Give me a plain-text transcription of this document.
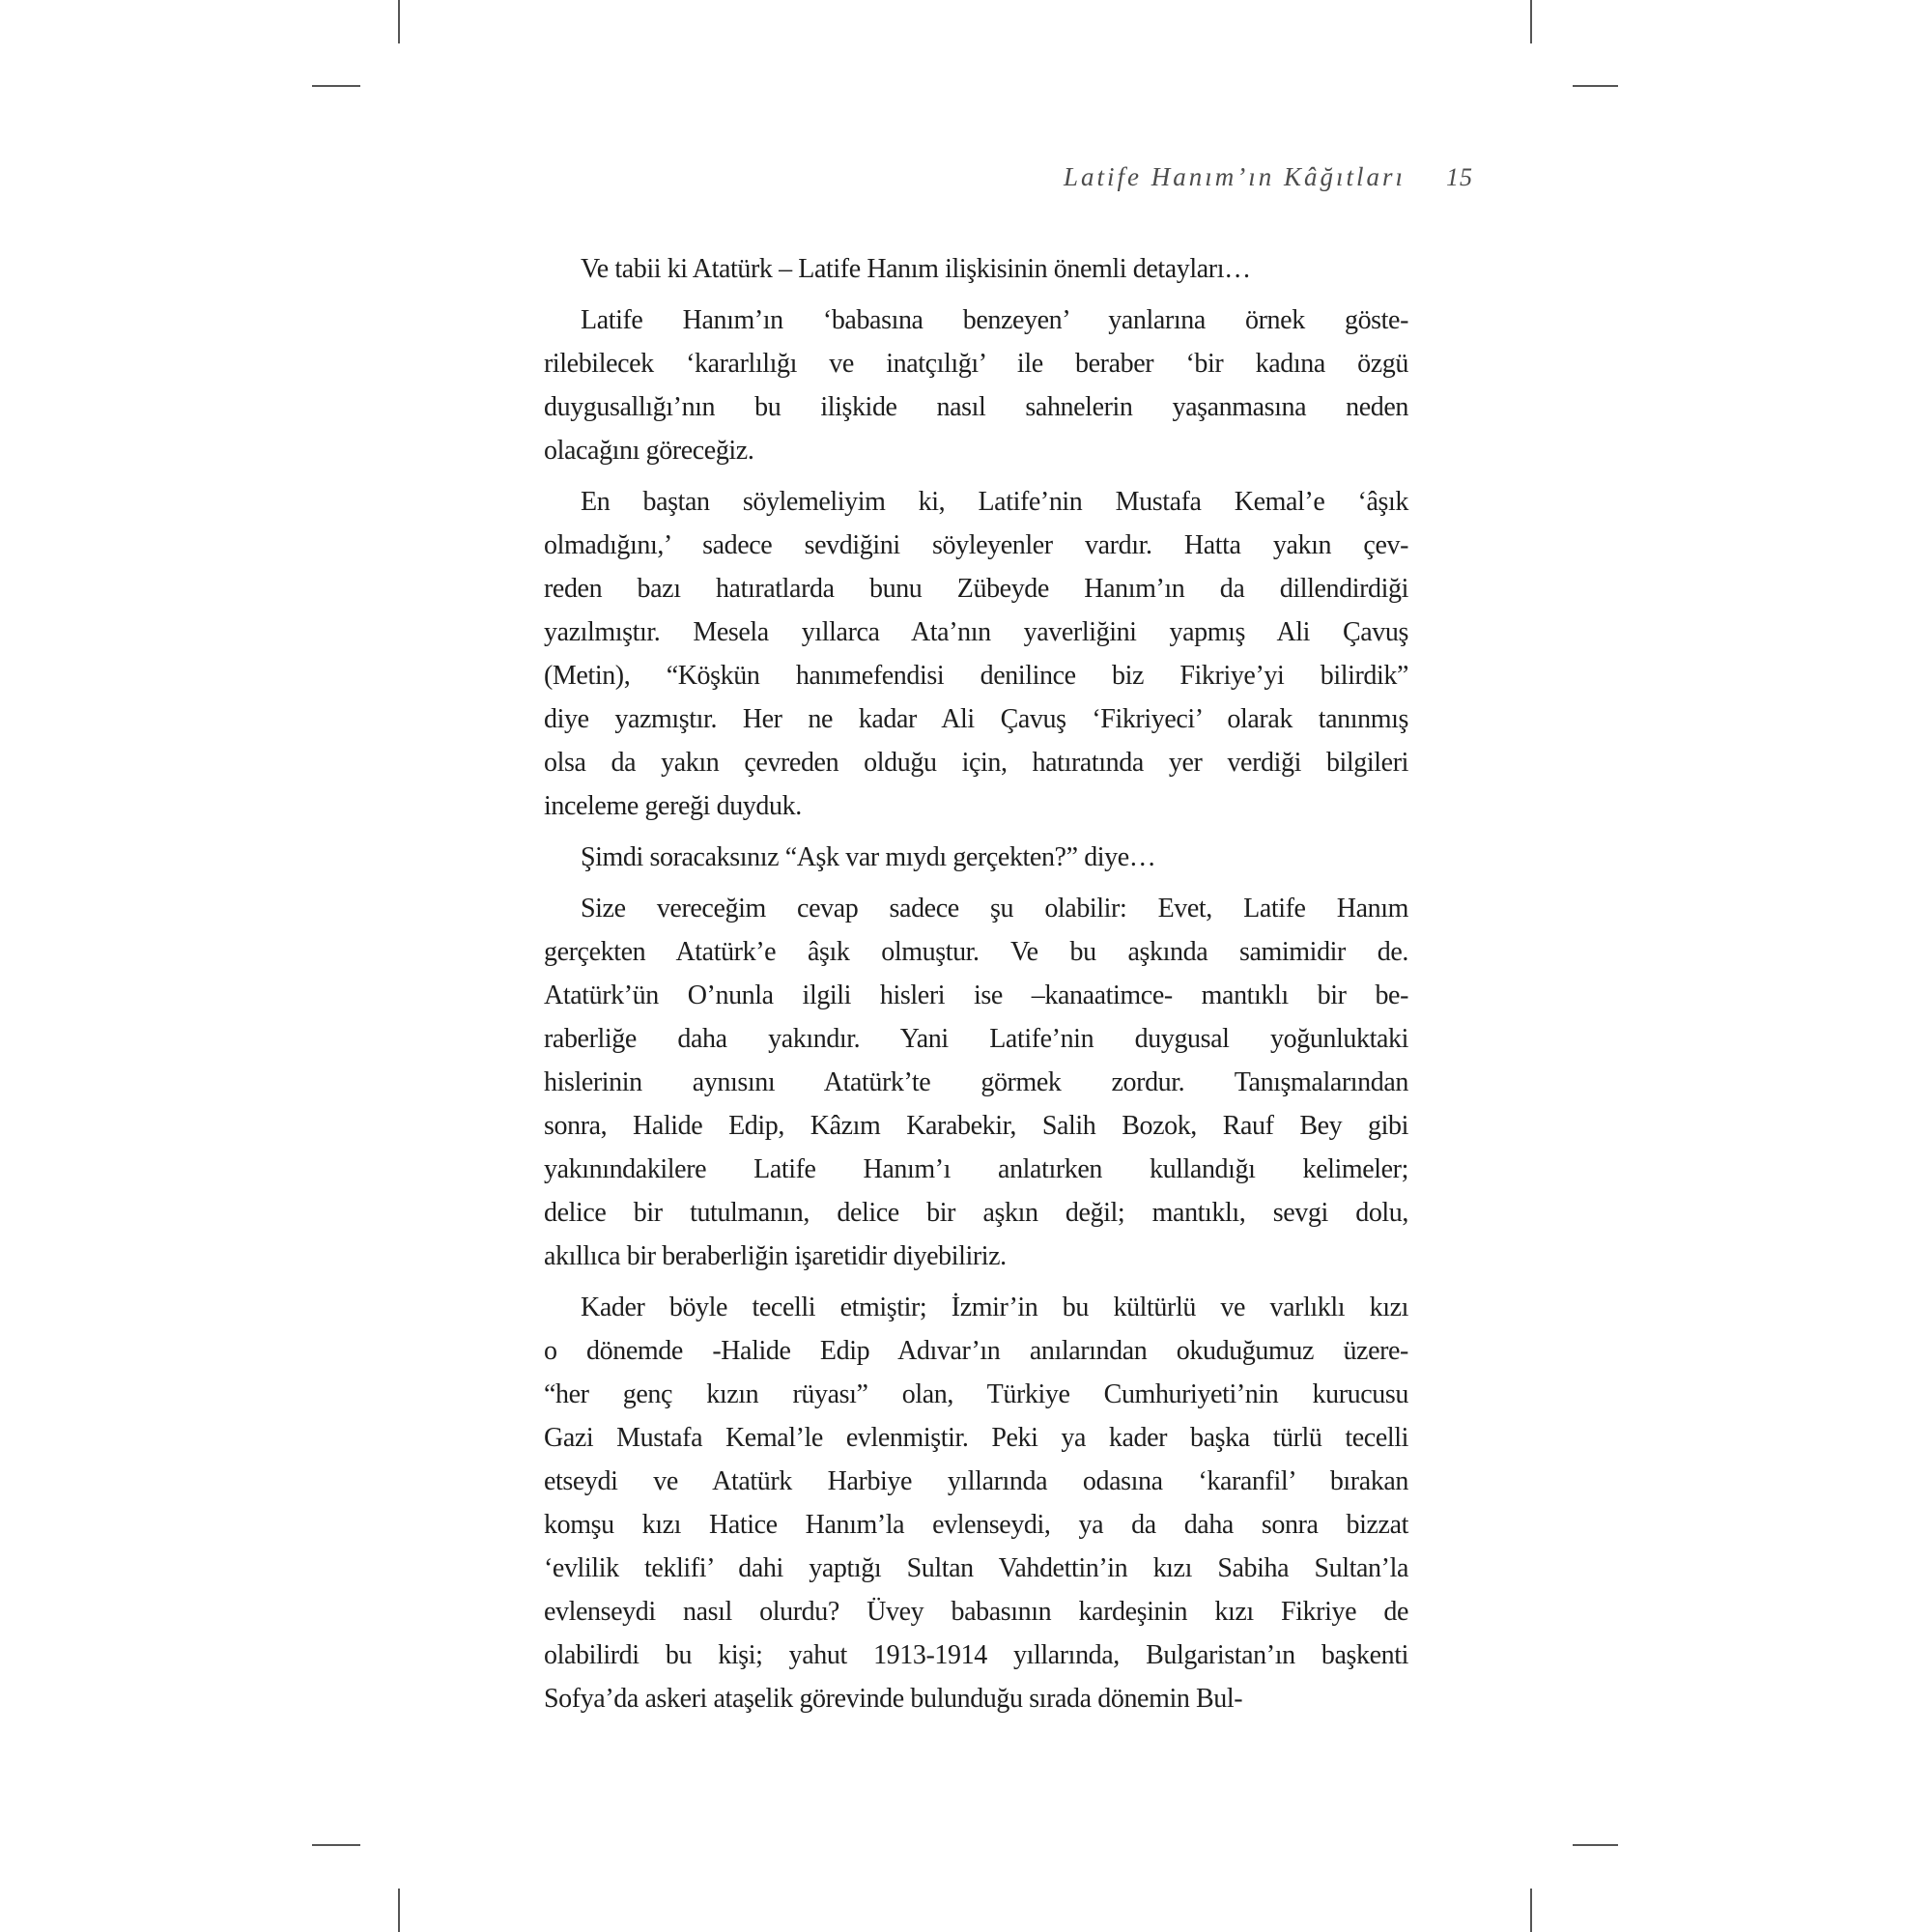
Latife Hanım’ın Kâğıtları 15
Ve tabii ki Atatürk – Latife Hanım ilişkisinin önemli detayları…
Latife Hanım’ın ‘babasına benzeyen’ yanlarına örnek göste-
rilebilecek ‘kararlılığı ve inatçılığı’ ile beraber ‘bir kadına özgü
duygusallığı’nın bu ilişkide nasıl sahnelerin yaşanmasına neden
olacağını göreceğiz.
En baştan söylemeliyim ki, Latife’nin Mustafa Kemal’e ‘âşık
olmadığını,’ sadece sevdiğini söyleyenler vardır. Hatta yakın çev-
reden bazı hatıratlarda bunu Zübeyde Hanım’ın da dillendirdiği
yazılmıştır. Mesela yıllarca Ata’nın yaverliğini yapmış Ali Çavuş
(Metin), “Köşkün hanımefendisi denilince biz Fikriye’yi bilirdik”
diye yazmıştır. Her ne kadar Ali Çavuş ‘Fikriyeci’ olarak tanınmış
olsa da yakın çevreden olduğu için, hatıratında yer verdiği bilgileri
inceleme gereği duyduk.
Şimdi soracaksınız “Aşk var mıydı gerçekten?” diye…
Size vereceğim cevap sadece şu olabilir: Evet, Latife Hanım
gerçekten Atatürk’e âşık olmuştur. Ve bu aşkında samimidir de.
Atatürk’ün O’nunla ilgili hisleri ise –kanaatimce- mantıklı bir be-
raberliğe daha yakındır. Yani Latife’nin duygusal yoğunluktaki
hislerinin aynısını Atatürk’te görmek zordur. Tanışmalarından
sonra, Halide Edip, Kâzım Karabekir, Salih Bozok, Rauf Bey gibi
yakınındakilere Latife Hanım’ı anlatırken kullandığı kelimeler;
delice bir tutulmanın, delice bir aşkın değil; mantıklı, sevgi dolu,
akıllıca bir beraberliğin işaretidir diyebiliriz.
Kader böyle tecelli etmiştir; İzmir’in bu kültürlü ve varlıklı kızı
o dönemde -Halide Edip Adıvar’ın anılarından okuduğumuz üzere-
“her genç kızın rüyası” olan, Türkiye Cumhuriyeti’nin kurucusu
Gazi Mustafa Kemal’le evlenmiştir. Peki ya kader başka türlü tecelli
etseydi ve Atatürk Harbiye yıllarında odasına ‘karanfil’ bırakan
komşu kızı Hatice Hanım’la evlenseydi, ya da daha sonra bizzat
‘evlilik teklifi’ dahi yaptığı Sultan Vahdettin’in kızı Sabiha Sultan’la
evlenseydi nasıl olurdu? Üvey babasının kardeşinin kızı Fikriye de
olabilirdi bu kişi; yahut 1913-1914 yıllarında, Bulgaristan’ın başkenti
Sofya’da askeri ataşelik görevinde bulunduğu sırada dönemin Bul-
